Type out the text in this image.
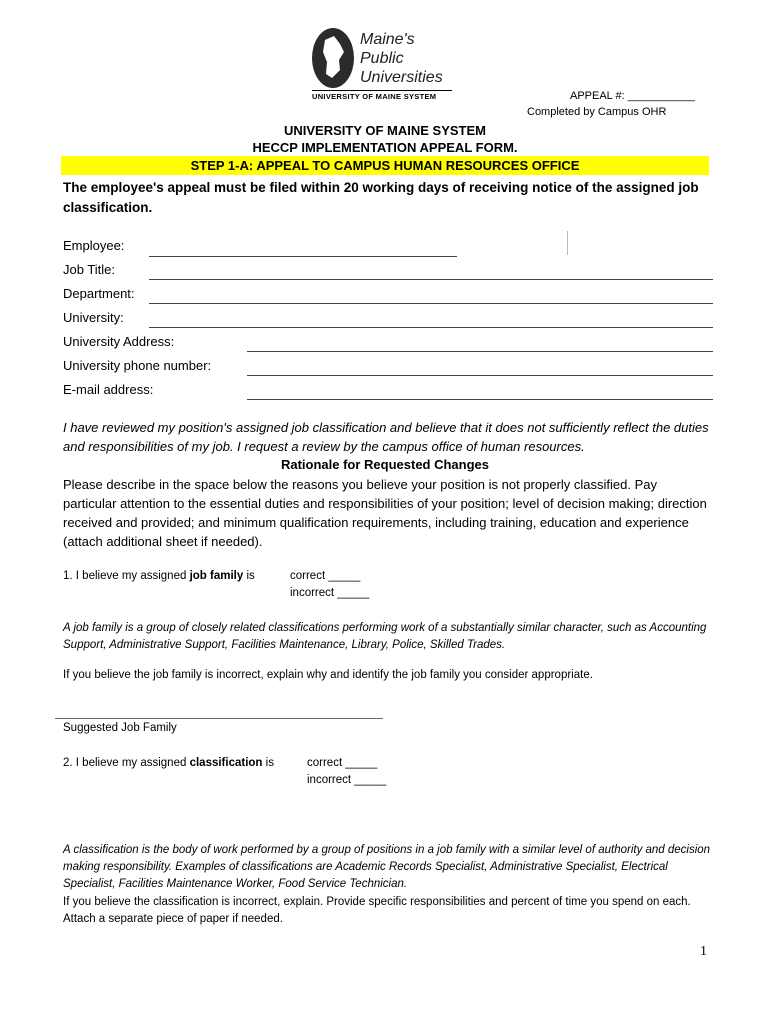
Maine's
Public
Universities
UNIVERSITY OF MAINE SYSTEM	APPEAL #: ___________
Completed by Campus OHR
UNIVERSITY OF MAINE SYSTEM
HECCP IMPLEMENTATION APPEAL FORM.
STEP 1-A: APPEAL TO CAMPUS HUMAN RESOURCES OFFICE
The employee's appeal must be filed within 20 working days of receiving notice of the assigned job classification.
Employee:
Job Title:
Department:
University:
University Address:
University phone number:
E-mail address:
I have reviewed my position's assigned job classification and believe that it does not sufficiently reflect the duties and responsibilities of my job. I request a review by the campus office of human resources.
Rationale for Requested Changes
Please describe in the space below the reasons you believe your position is not properly classified. Pay particular attention to the essential duties and responsibilities of your position; level of decision making; direction received and provided; and minimum qualification requirements, including training, education and experience (attach additional sheet if needed).
1. I believe my assigned job family is	correct _____
incorrect _____
A job family is a group of closely related classifications performing work of a substantially similar character, such as Accounting Support, Administrative Support, Facilities Maintenance, Library, Police, Skilled Trades.
If you believe the job family is incorrect, explain why and identify the job family you consider appropriate.
Suggested Job Family
2. I believe my assigned classification is	correct _____
incorrect _____
A classification is the body of work performed by a group of positions in a job family with a similar level of authority and decision making responsibility. Examples of classifications are Academic Records Specialist, Administrative Specialist, Electrical Specialist, Facilities Maintenance Worker, Food Service Technician.
If you believe the classification is incorrect, explain. Provide specific responsibilities and percent of time you spend on each. Attach a separate piece of paper if needed.
1
